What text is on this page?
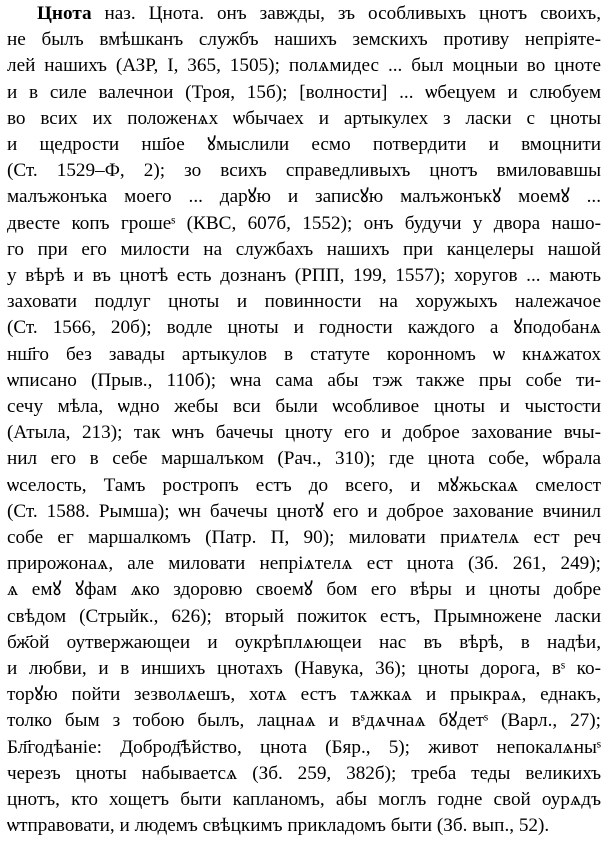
Цнота наз. Цнота. онъ завжды, зъ особливыхъ цнотъ своихъ,
не былъ вмѣшканъ службъ нашихъ земскихъ противу непріяте-
лей нашихъ (АЗР, І, 365, 1505); полѧмидес ... был моцныи во цноте
и в силе валечнои (Троя, 15б); [волности] ... ѡбецуем и слюбуем
во всих их положенѧх ѡбычаех и артыкулех з ласки с цноты
и щедрости нш҃ое ꙋмыслили есмо потвердити и вмоцнити
(Ст. 1529–Ф, 2); зо всихъ справедливыхъ цнотъ вмиловавшы
малъжонъка моего ... дарꙋю и записꙋю малъжонъкꙋ моемꙋ ...
двесте копъ грошеˢ (КВС, 607б, 1552); онъ будучи у двора нашо-
го при его милости на службахъ нашихъ при канцелеры нашой
у вѣрѣ и въ цнотѣ есть дознанъ (РПП, 199, 1557); хоругов ... мають
заховати подлуг цноты и повинности на хоружыхъ належачое
(Ст. 1566, 20б); водле цноты и годности каждого а ꙋподобанѧ
нш҃го без завады артыкулов в статуте коронномъ ѡ кнѧжатох
ѡписано (Прыв., 110б); ѡна сама абы тэж также пры собе ти-
сечу мѣла, ѡдно жебы вси были ѡсобливое цноты и чыстости
(Атыла, 213); так ѡнъ бачечы цноту его и доброе захование вчы-
нил его в себе маршалъком (Рач., 310); где цнота собе, ѡбрала
ѡселость, Тамъ ростропъ естъ до всего, и мꙋжьскаѧ смелост
(Ст. 1588. Рымша); ѡн бачечы цнотꙋ его и доброе захование вчинил
собе ег маршалкомъ (Патр. П, 90); миловати приѧтелѧ ест реч
прирожонаѧ, але миловати непрiѧтелѧ ест цнота (Зб. 261, 249);
ѧ емꙋ ꙋфам ѧко здоровю своемꙋ бом его вѣры и цноты добре
свѣдом (Стрыйк., 626); вторый пожиток естъ, Прымножене ласки
бж҃ой оутвержающеи и оукрѣплѧющеи нас въ вѣрѣ, в надѣи,
и любви, и в иншихъ цнотахъ (Навука, 36); цноты дорога, вˢ ко-
торꙋю пойти зезволѧешъ, хотѧ естъ тѧжкаѧ и прыкраѧ, еднакъ,
толко бым з тобою былъ, лацнаѧ и вˢдѧчнаѧ бꙋдетˢ (Варл., 27);
Бл҃годѣаніе: Доброд҃ѣйство, цнота (Бяр., 5); живот непокалѧныˢ
черезъ цноты набываетсѧ (Зб. 259, 382б); треба теды великихъ
цнотъ, кто хощетъ быти капланомъ, абы моглъ годне свой оурѧдъ
ѡтправовати, и людемъ свѣцкимъ прикладомъ быти (Зб. вып., 52).
